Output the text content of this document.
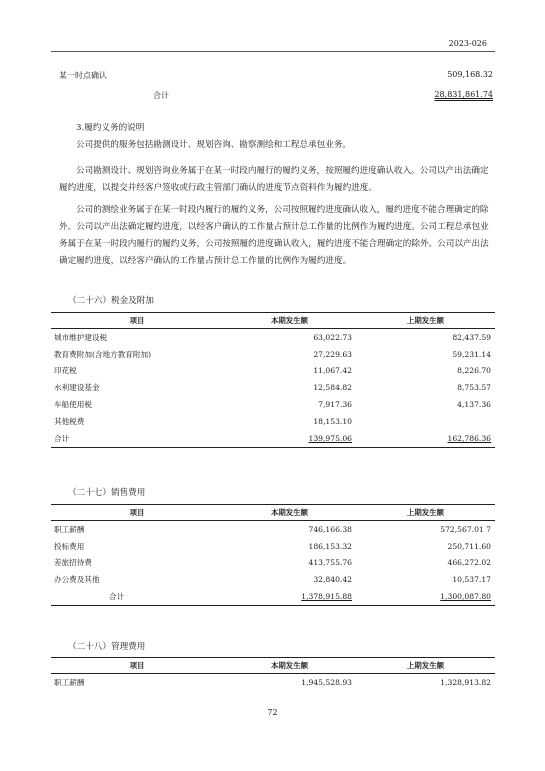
2023-026
某一时点确认	509,168.32
合计	28,831,861.74
3.履约义务的说明

公司提供的服务包括勘测设计、规划咨询、勘察测绘和工程总承包业务。

公司勘测设计、规划咨询业务属于在某一时段内履行的履约义务，按照履约进度确认收入。公司以产出法确定履约进度，以提交并经客户签收或行政主管部门确认的进度节点资料作为履约进度。

公司的测绘业务属于在某一时段内履行的履约义务，公司按照履约进度确认收入，履约进度不能合理确定的除外。公司以产出法确定履约进度，以经客户确认的工作量占预计总工作量的比例作为履约进度。公司工程总承包业务属于在某一时段内履行的履约义务，公司按照履约进度确认收入，履约进度不能合理确定的除外。公司以产出法确定履约进度，以经客户确认的工作量占预计总工作量的比例作为履约进度。

（二十六）税金及附加
项目	本期发生额	上期发生额
城市维护建设税	63,022.73	82,437.59
教育费附加(含地方教育附加)	27,229.63	59,231.14
印花税	11,067.42	8,226.70
水利建设基金	12,584.82	8,753.57
车船使用税	7,917.36	4,137.36
其他税费	18,153.10	
合计	139,975.06	162,786.36
（二十七）销售费用
项目	本期发生额	上期发生额
职工薪酬	746,166.38	572,567.01 7
投标费用	186,153.32	250,711.60
差旅招待费	413,755.76	466,272.02
办公费及其他	32,840.42	10,537.17
合计	1,378,915.88	1,300,087.80
（二十八）管理费用
项目	本期发生额	上期发生额
职工薪酬	1,945,528.93	1,328,913.82
72
